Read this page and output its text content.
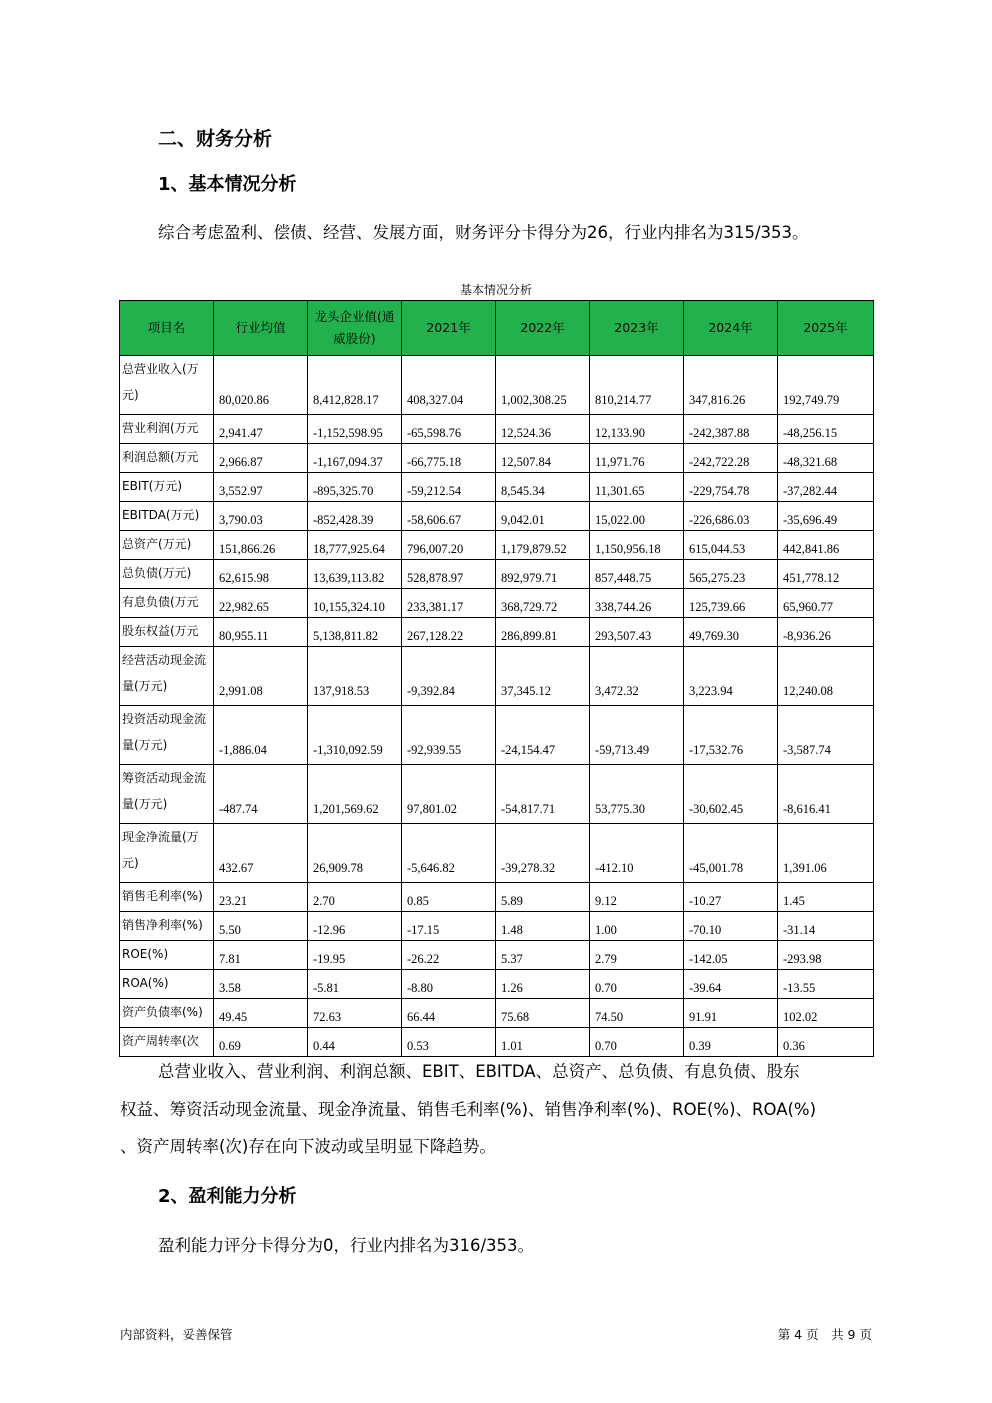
二、财务分析
1、基本情况分析
综合考虑盈利、偿债、经营、发展方面，财务评分卡得分为26，行业内排名为315/353。
基本情况分析
项目名	行业均值	龙头企业值(通威股份)	2021年	2022年	2023年	2024年	2025年
总营业收入(万元)	80,020.86	8,412,828.17	408,327.04	1,002,308.25	810,214.77	347,816.26	192,749.79
营业利润(万元	2,941.47	-1,152,598.95	-65,598.76	12,524.36	12,133.90	-242,387.88	-48,256.15
利润总额(万元	2,966.87	-1,167,094.37	-66,775.18	12,507.84	11,971.76	-242,722.28	-48,321.68
EBIT(万元)	3,552.97	-895,325.70	-59,212.54	8,545.34	11,301.65	-229,754.78	-37,282.44
EBITDA(万元)	3,790.03	-852,428.39	-58,606.67	9,042.01	15,022.00	-226,686.03	-35,696.49
总资产(万元)	151,866.26	18,777,925.64	796,007.20	1,179,879.52	1,150,956.18	615,044.53	442,841.86
总负债(万元)	62,615.98	13,639,113.82	528,878.97	892,979.71	857,448.75	565,275.23	451,778.12
有息负债(万元	22,982.65	10,155,324.10	233,381.17	368,729.72	338,744.26	125,739.66	65,960.77
股东权益(万元	80,955.11	5,138,811.82	267,128.22	286,899.81	293,507.43	49,769.30	-8,936.26
经营活动现金流量(万元)	2,991.08	137,918.53	-9,392.84	37,345.12	3,472.32	3,223.94	12,240.08
投资活动现金流量(万元)	-1,886.04	-1,310,092.59	-92,939.55	-24,154.47	-59,713.49	-17,532.76	-3,587.74
筹资活动现金流量(万元)	-487.74	1,201,569.62	97,801.02	-54,817.71	53,775.30	-30,602.45	-8,616.41
现金净流量(万元)	432.67	26,909.78	-5,646.82	-39,278.32	-412.10	-45,001.78	1,391.06
销售毛利率(%)	23.21	2.70	0.85	5.89	9.12	-10.27	1.45
销售净利率(%)	5.50	-12.96	-17.15	1.48	1.00	-70.10	-31.14
ROE(%)	7.81	-19.95	-26.22	5.37	2.79	-142.05	-293.98
ROA(%)	3.58	-5.81	-8.80	1.26	0.70	-39.64	-13.55
资产负债率(%)	49.45	72.63	66.44	75.68	74.50	91.91	102.02
资产周转率(次	0.69	0.44	0.53	1.01	0.70	0.39	0.36
总营业收入、营业利润、利润总额、EBIT、EBITDA、总资产、总负债、有息负债、股东
权益、筹资活动现金流量、现金净流量、销售毛利率(%)、销售净利率(%)、ROE(%)、ROA(%)
、资产周转率(次)存在向下波动或呈明显下降趋势。
2、盈利能力分析
盈利能力评分卡得分为0，行业内排名为316/353。
内部资料，妥善保管	第 4 页　共 9 页
